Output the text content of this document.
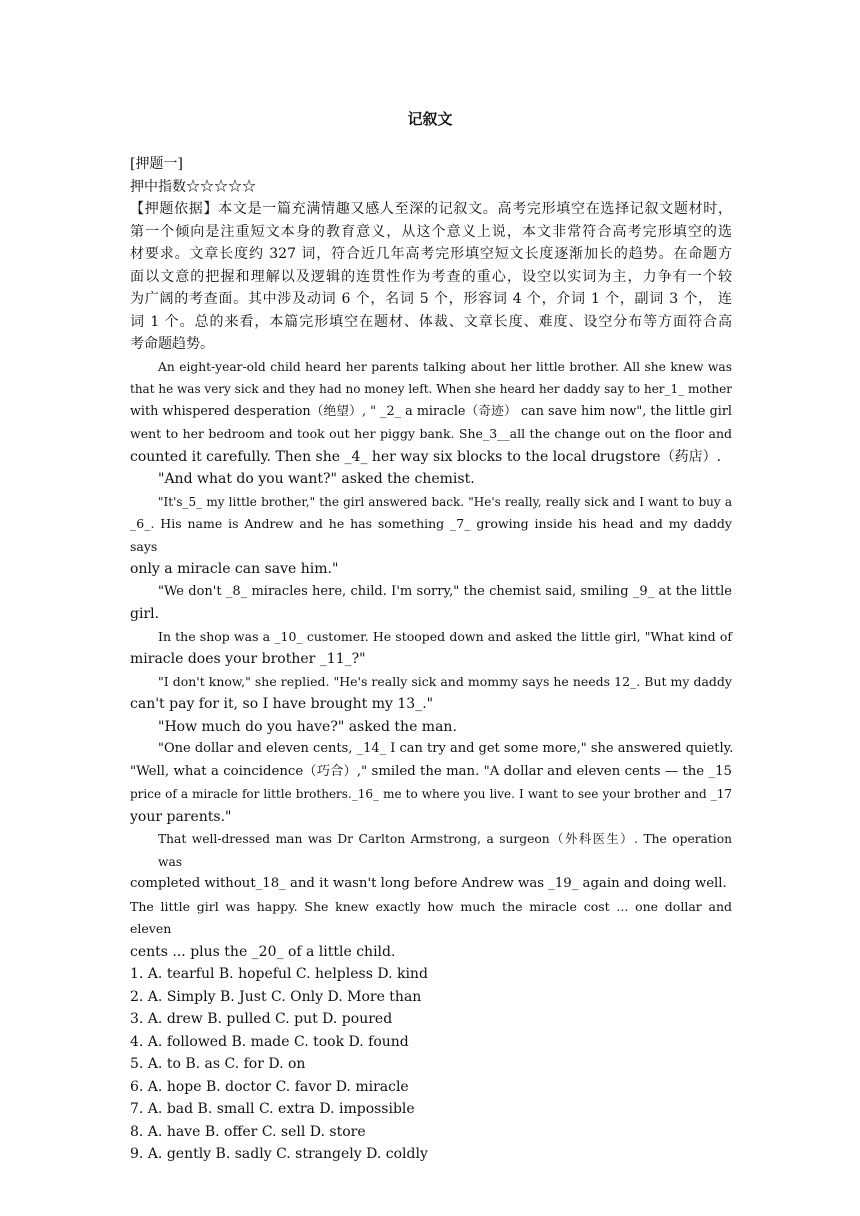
记叙文
[押题一]
押中指数☆☆☆☆☆
【押题依据】本文是一篇充满情趣又感人至深的记叙文。高考完形填空在选择记叙文题材时，
第一个倾向是注重短文本身的教育意义，从这个意义上说，本文非常符合高考完形填空的选
材要求。文章长度约 327 词，符合近几年高考完形填空短文长度逐渐加长的趋势。在命题方
面以文意的把握和理解以及逻辑的连贯性作为考查的重心，设空以实词为主，力争有一个较
为广阔的考查面。其中涉及动词 6 个，名词 5 个，形容词 4 个，介词 1 个，副词 3 个， 连
词 1 个。总的来看，本篇完形填空在题材、体裁、文章长度、难度、设空分布等方面符合高
考命题趋势。
An eight-year-old child heard her parents talking about her little brother. All she knew was
that he was very sick and they had no money left. When she heard her daddy say to her_1_ mother
with whispered desperation（绝望）, " _2_ a miracle（奇迹） can save him now", the little girl
went to her bedroom and took out her piggy bank. She_3__all the change out on the floor and
counted it carefully. Then she _4_ her way six blocks to the local drugstore（药店）.
"And what do you want?" asked the chemist.
"It's_5_ my little brother," the girl answered back. "He's really, really sick and I want to buy a
_6_. His name is Andrew and he has something _7_ growing inside his head and my daddy says
only a miracle can save him."
"We don't _8_ miracles here, child. I'm sorry," the chemist said, smiling _9_ at the little
girl.
In the shop was a _10_ customer. He stooped down and asked the little girl, "What kind of
miracle does your brother _11_?"
"I don't know," she replied. "He's really sick and mommy says he needs 12_. But my daddy
can't pay for it, so I have brought my 13_."
"How much do you have?" asked the man.
"One dollar and eleven cents, _14_ I can try and get some more," she answered quietly.
"Well, what a coincidence（巧合）," smiled the man. "A dollar and eleven cents — the _15
price of a miracle for little brothers._16_ me to where you live. I want to see your brother and _17
your parents."
That well-dressed man was Dr Carlton Armstrong, a surgeon（外科医生）. The operation was
completed without_18_ and it wasn't long before Andrew was _19_ again and doing well.
The little girl was happy. She knew exactly how much the miracle cost ... one dollar and eleven
cents ... plus the _20_ of a little child.
1. A. tearful B. hopeful C. helpless D. kind
2. A. Simply B. Just C. Only D. More than
3. A. drew B. pulled C. put D. poured
4. A. followed B. made C. took D. found
5. A. to B. as C. for D. on
6. A. hope B. doctor C. favor D. miracle
7. A. bad B. small C. extra D. impossible
8. A. have B. offer C. sell D. store
9. A. gently B. sadly C. strangely D. coldly
